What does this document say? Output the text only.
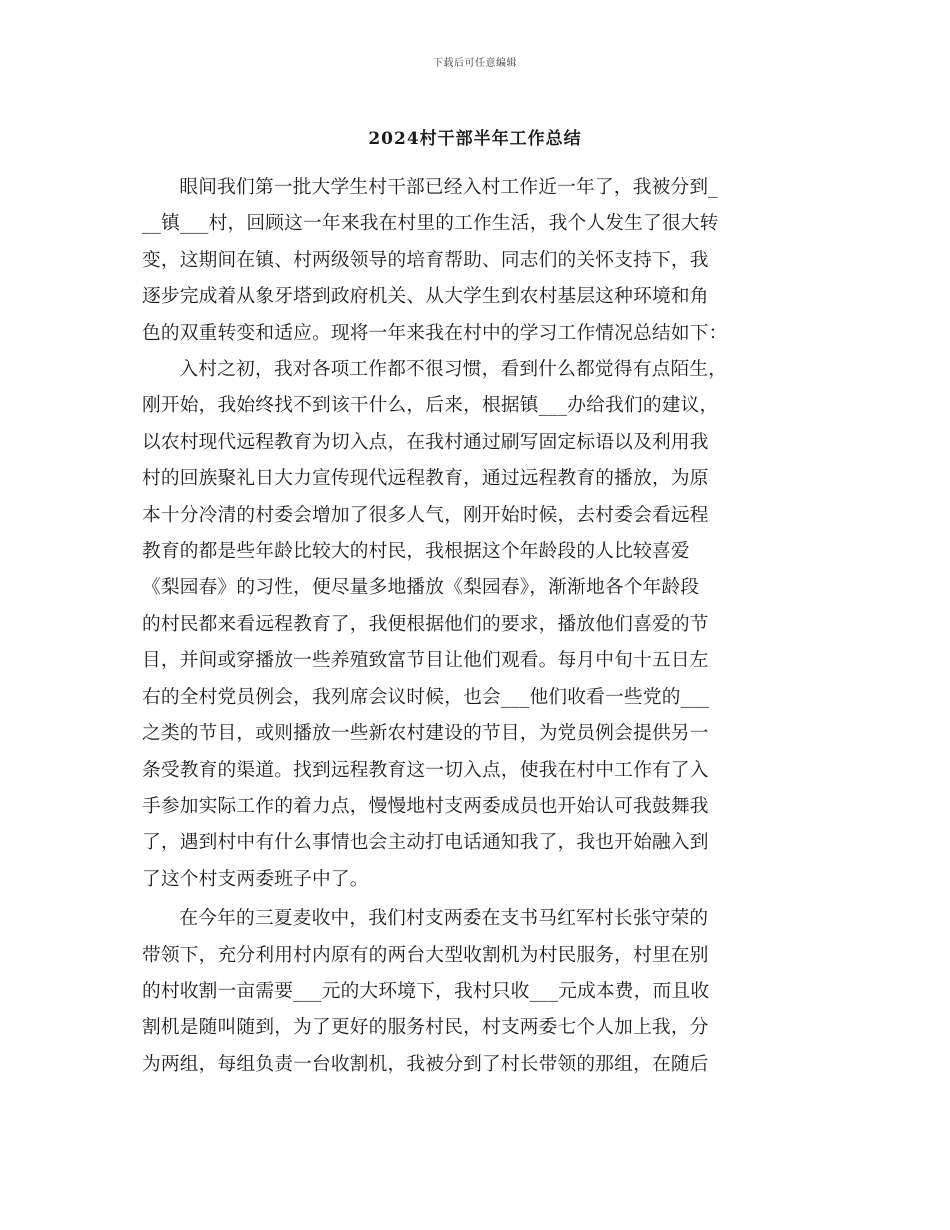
下载后可任意编辑
2024村干部半年工作总结

眼间我们第一批大学生村干部已经入村工作近一年了，我被分到_
__镇___村，回顾这一年来我在村里的工作生活，我个人发生了很大转
变，这期间在镇、村两级领导的培育帮助、同志们的关怀支持下，我
逐步完成着从象牙塔到政府机关、从大学生到农村基层这种环境和角
色的双重转变和适应。现将一年来我在村中的学习工作情况总结如下：

入村之初，我对各项工作都不很习惯，看到什么都觉得有点陌生，
刚开始，我始终找不到该干什么，后来，根据镇___办给我们的建议，
以农村现代远程教育为切入点，在我村通过刷写固定标语以及利用我
村的回族聚礼日大力宣传现代远程教育，通过远程教育的播放，为原
本十分冷清的村委会增加了很多人气，刚开始时候，去村委会看远程
教育的都是些年龄比较大的村民，我根据这个年龄段的人比较喜爱
《梨园春》的习性，便尽量多地播放《梨园春》，渐渐地各个年龄段
的村民都来看远程教育了，我便根据他们的要求，播放他们喜爱的节
目，并间或穿播放一些养殖致富节目让他们观看。每月中旬十五日左
右的全村党员例会，我列席会议时候，也会___他们收看一些党的___
之类的节目，或则播放一些新农村建设的节目，为党员例会提供另一
条受教育的渠道。找到远程教育这一切入点，使我在村中工作有了入
手参加实际工作的着力点，慢慢地村支两委成员也开始认可我鼓舞我
了，遇到村中有什么事情也会主动打电话通知我了，我也开始融入到
了这个村支两委班子中了。

在今年的三夏麦收中，我们村支两委在支书马红军村长张守荣的
带领下，充分利用村内原有的两台大型收割机为村民服务，村里在别
的村收割一亩需要___元的大环境下，我村只收___元成本费，而且收
割机是随叫随到，为了更好的服务村民，村支两委七个人加上我，分
为两组，每组负责一台收割机，我被分到了村长带领的那组，在随后
